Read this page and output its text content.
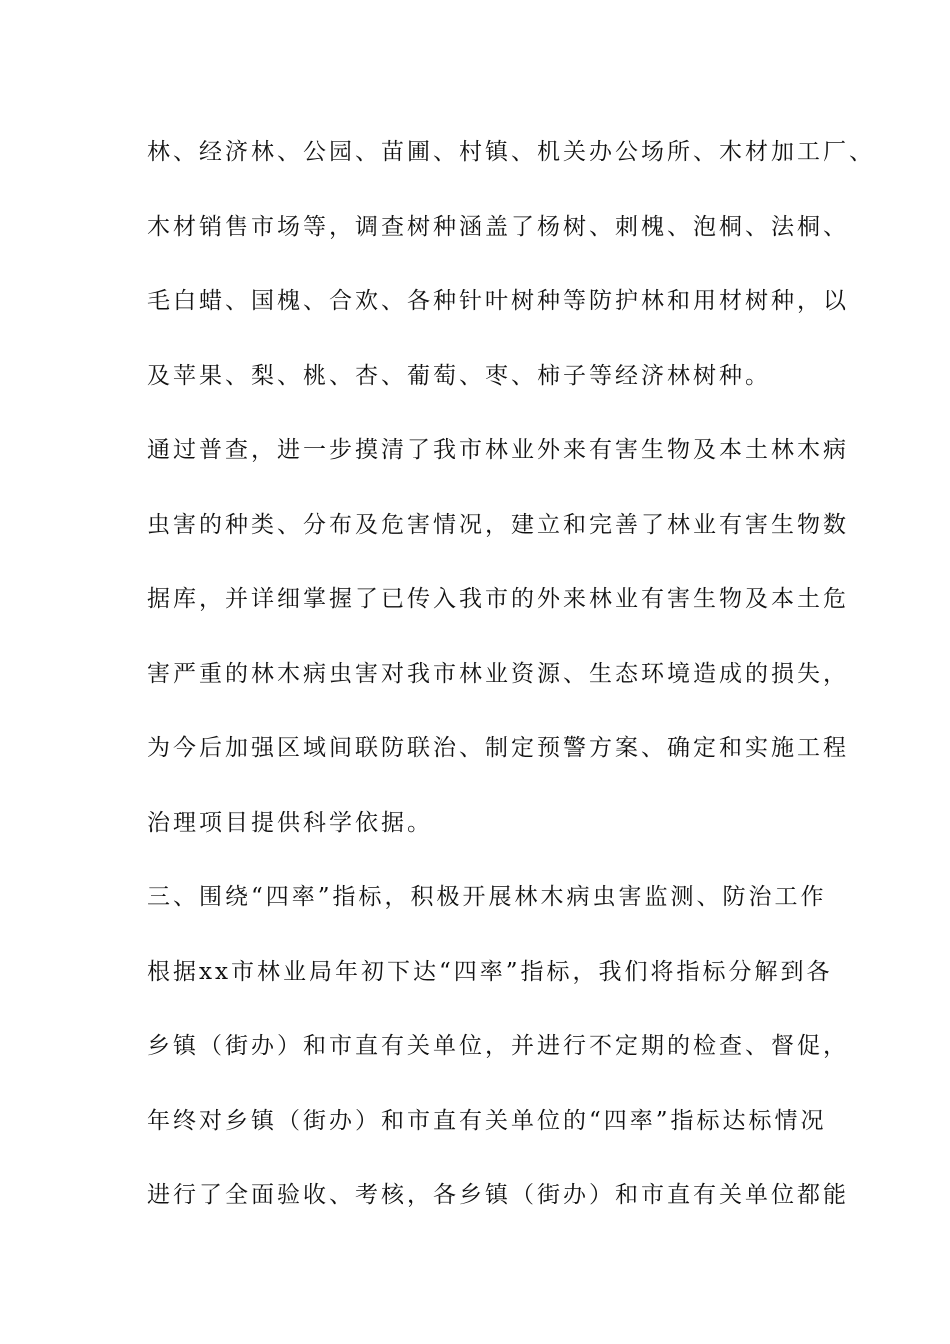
林、经济林、公园、苗圃、村镇、机关办公场所、木材加工厂、
木材销售市场等，调查树种涵盖了杨树、刺槐、泡桐、法桐、
毛白蜡、国槐、合欢、各种针叶树种等防护林和用材树种，以
及苹果、梨、桃、杏、葡萄、枣、柿子等经济林树种。
通过普查，进一步摸清了我市林业外来有害生物及本土林木病
虫害的种类、分布及危害情况，建立和完善了林业有害生物数
据库，并详细掌握了已传入我市的外来林业有害生物及本土危
害严重的林木病虫害对我市林业资源、生态环境造成的损失，
为今后加强区域间联防联治、制定预警方案、确定和实施工程
治理项目提供科学依据。
三、围绕“四率”指标，积极开展林木病虫害监测、防治工作
根据xx市林业局年初下达“四率”指标，我们将指标分解到各
乡镇（街办）和市直有关单位，并进行不定期的检查、督促，
年终对乡镇（街办）和市直有关单位的“四率”指标达标情况
进行了全面验收、考核，各乡镇（街办）和市直有关单位都能
